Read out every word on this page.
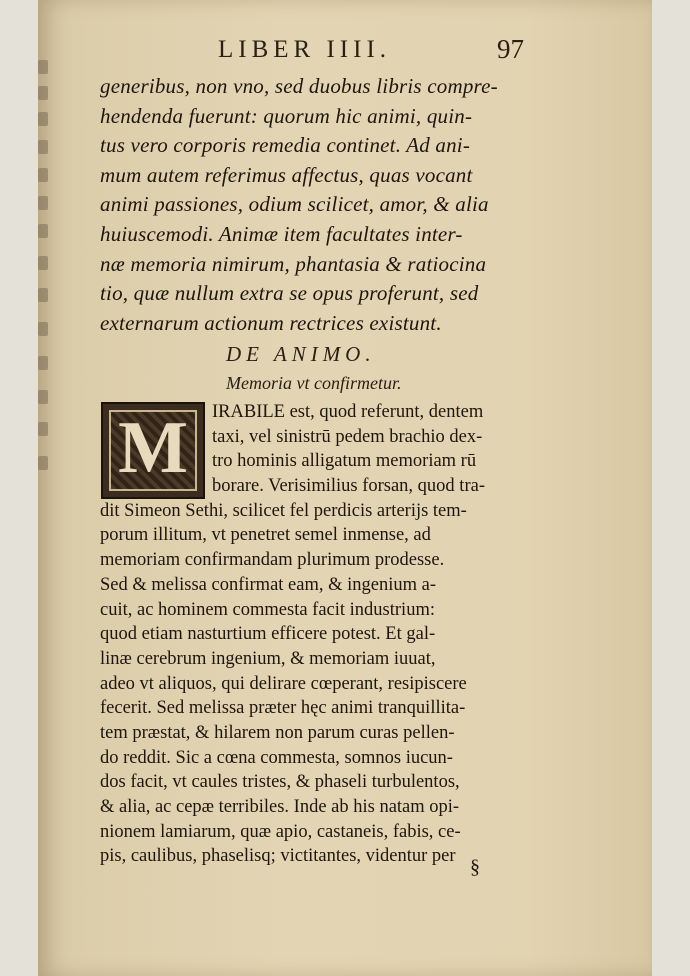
LIBER IIII.	97
generibus, non vno, sed duobus libris compre-
hendenda fuerunt: quorum hic animi, quin-
tus vero corporis remedia continet. Ad ani-
mum autem referimus affectus, quas vocant
animi passiones, odium scilicet, amor, & alia
huiuscemodi. Animæ item facultates inter-
næ memoria nimirum, phantasia & ratiocina
tio, quæ nullum extra se opus proferunt, sed
externarum actionum rectrices existunt.
DE ANIMO.
Memoria vt confirmetur.
M	IRABILE est, quod referunt, dentem
taxi, vel sinistrū pedem brachio dex-
tro hominis alligatum memoriam rū
borare. Verisimilius forsan, quod tra-
dit Simeon Sethi, scilicet fel perdicis arterijs tem-
porum illitum, vt penetret semel inmense, ad
memoriam confirmandam plurimum prodesse.
Sed & melissa confirmat eam, & ingenium a-
cuit, ac hominem commesta facit industrium:
quod etiam nasturtium efficere potest. Et gal-
linæ cerebrum ingenium, & memoriam iuuat,
adeo vt aliquos, qui delirare cœperant, resipiscere
fecerit. Sed melissa præter hęc animi tranquillita-
tem præstat, & hilarem non parum curas pellen-
do reddit. Sic a cœna commesta, somnos iucun-
dos facit, vt caules tristes, & phaseli turbulentos,
& alia, ac cepæ terribiles. Inde ab his natam opi-
nionem lamiarum, quæ apio, castaneis, fabis, ce-
pis, caulibus, phaselisq; victitantes, videntur per §
